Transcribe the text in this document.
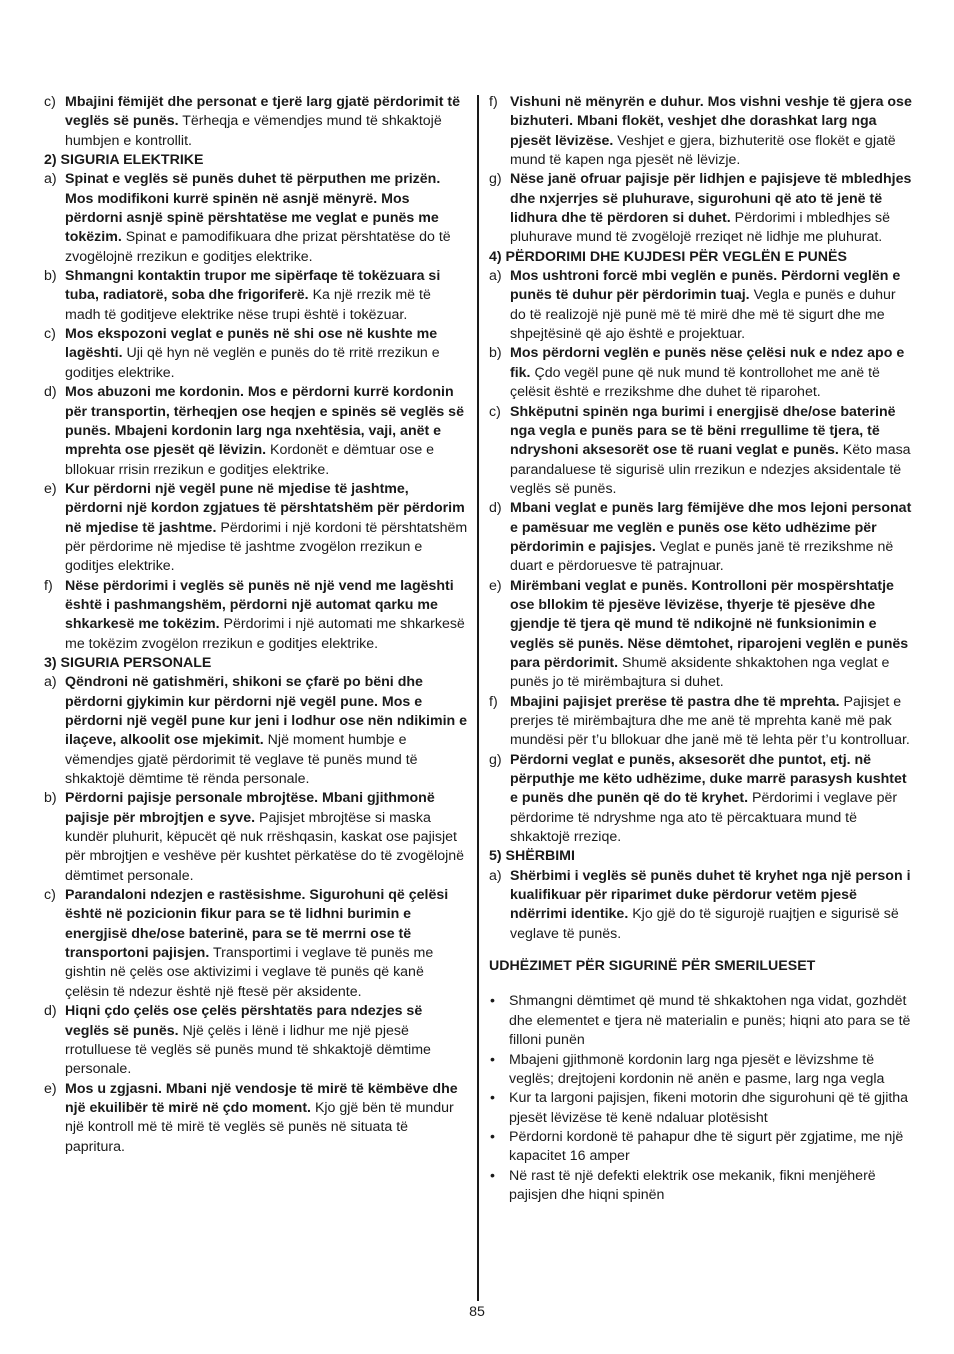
c) Mbajini fëmijët dhe personat e tjerë larg gjatë përdorimit të veglës së punës. Tërheqja e vëmendjes mund të shkaktojë humbjen e kontrollit.
2) SIGURIA ELEKTRIKE
a) Spinat e veglës së punës duhet të përputhen me prizën. Mos modifikoni kurrë spinën në asnjë mënyrë. Mos përdorni asnjë spinë përshtatëse me veglat e punës me tokëzim. Spinat e pamodifikuara dhe prizat përshtatëse do të zvogëlojnë rrezikun e goditjes elektrike.
b) Shmangni kontaktin trupor me sipërfaqe të tokëzuara si tuba, radiatorë, soba dhe frigoriferë. Ka një rrezik më të madh të goditjeve elektrike nëse trupi është i tokëzuar.
c) Mos ekspozoni veglat e punës në shi ose në kushte me lagështi. Uji që hyn në veglën e punës do të rritë rrezikun e goditjes elektrike.
d) Mos abuzoni me kordonin. Mos e përdorni kurrë kordonin për transportin, tërheqjen ose heqjen e spinës së veglës së punës. Mbajeni kordonin larg nga nxehtësia, vaji, anët e mprehta ose pjesët që lëvizin. Kordonët e dëmtuar ose e bllokuar rrisin rrezikun e goditjes elektrike.
e) Kur përdorni një vegël pune në mjedise të jashtme, përdorni një kordon zgjatues të përshtatshëm për përdorim në mjedise të jashtme. Përdorimi i një kordoni të përshtatshëm për përdorime në mjedise të jashtme zvogëlon rrezikun e goditjes elektrike.
f) Nëse përdorimi i veglës së punës në një vend me lagështi është i pashmangshëm, përdorni një automat qarku me shkarkesë me tokëzim. Përdorimi i një automati me shkarkesë me tokëzim zvogëlon rrezikun e goditjes elektrike.
3) SIGURIA PERSONALE
a) Qëndroni në gatishmëri, shikoni se çfarë po bëni dhe përdorni gjykimin kur përdorni një vegël pune. Mos e përdorni një vegël pune kur jeni i lodhur ose nën ndikimin e ilaçeve, alkoolit ose mjekimit. Një moment humbje e vëmendjes gjatë përdorimit të veglave të punës mund të shkaktojë dëmtime të rënda personale.
b) Përdorni pajisje personale mbrojtëse. Mbani gjithmonë pajisje për mbrojtjen e syve. Pajisjet mbrojtëse si maska kundër pluhurit, këpucët që nuk rrëshqasin, kaskat ose pajisjet për mbrojtjen e veshëve për kushtet përkatëse do të zvogëlojnë dëmtimet personale.
c) Parandaloni ndezjen e rastësishme. Sigurohuni që çelësi është në pozicionin fikur para se të lidhni burimin e energjisë dhe/ose baterinë, para se të merrni ose të transportoni pajisjen. Transportimi i veglave të punës me gishtin në çelës ose aktivizimi i veglave të punës që kanë çelësin të ndezur është një ftesë për aksidente.
d) Hiqni çdo çelës ose çelës përshtatës para ndezjes së veglës së punës. Një çelës i lënë i lidhur me një pjesë rrotulluese të veglës së punës mund të shkaktojë dëmtime personale.
e) Mos u zgjasni. Mbani një vendosje të mirë të këmbëve dhe një ekuilibër të mirë në çdo moment. Kjo gjë bën të mundur një kontroll më të mirë të veglës së punës në situata të papritura.
f) Vishuni në mënyrën e duhur. Mos vishni veshje të gjera ose bizhuteri. Mbani flokët, veshjet dhe dorashkat larg nga pjesët lëvizëse. Veshjet e gjera, bizhuteritë ose flokët e gjatë mund të kapen nga pjesët në lëvizje.
g) Nëse janë ofruar pajisje për lidhjen e pajisjeve të mbledhjes dhe nxjerrjes së pluhurave, sigurohuni që ato të jenë të lidhura dhe të përdoren si duhet. Përdorimi i mbledhjes së pluhurave mund të zvogëlojë rreziqet në lidhje me pluhurat.
4) PËRDORIMI DHE KUJDESI PËR VEGLËN E PUNËS
a) Mos ushtroni forcë mbi veglën e punës. Përdorni veglën e punës të duhur për përdorimin tuaj. Vegla e punës e duhur do të realizojë një punë më të mirë dhe më të sigurt dhe me shpejtësinë që ajo është e projektuar.
b) Mos përdorni veglën e punës nëse çelësi nuk e ndez apo e fik. Çdo vegël pune që nuk mund të kontrollohet me anë të çelësit është e rrezikshme dhe duhet të riparohet.
c) Shkëputni spinën nga burimi i energjisë dhe/ose baterinë nga vegla e punës para se të bëni rregullime të tjera, të ndryshoni aksesorët ose të ruani veglat e punës. Këto masa parandaluese të sigurisë ulin rrezikun e ndezjes aksidentale të veglës së punës.
d) Mbani veglat e punës larg fëmijëve dhe mos lejoni personat e pamësuar me veglën e punës ose këto udhëzime për përdorimin e pajisjes. Veglat e punës janë të rrezikshme në duart e përdoruesve të patrajnuar.
e) Mirëmbani veglat e punës. Kontrolloni për mospërshtatje ose bllokim të pjesëve lëvizëse, thyerje të pjesëve dhe gjendje të tjera që mund të ndikojnë në funksionimin e veglës së punës. Nëse dëmtohet, riparojeni veglën e punës para përdorimit. Shumë aksidente shkaktohen nga veglat e punës jo të mirëmbajtura si duhet.
f) Mbajini pajisjet prerëse të pastra dhe të mprehta. Pajisjet e prerjes të mirëmbajtura dhe me anë të mprehta kanë më pak mundësi për t’u bllokuar dhe janë më të lehta për t’u kontrolluar.
g) Përdorni veglat e punës, aksesorët dhe puntot, etj. në përputhje me këto udhëzime, duke marrë parasysh kushtet e punës dhe punën që do të kryhet. Përdorimi i veglave për përdorime të ndryshme nga ato të përcaktuara mund të shkaktojë rreziqe.
5) SHËRBIMI
a) Shërbimi i veglës së punës duhet të kryhet nga një person i kualifikuar për riparimet duke përdorur vetëm pjesë ndërrimi identike. Kjo gjë do të sigurojë ruajtjen e sigurisë së veglave të punës.
UDHËZIMET PËR SIGURINË PËR SMERILUESET
• Shmangni dëmtimet që mund të shkaktohen nga vidat, gozhdët dhe elementet e tjera në materialin e punës; hiqni ato para se të filloni punën
• Mbajeni gjithmonë kordonin larg nga pjesët e lëvizshme të veglës; drejtojeni kordonin në anën e pasme, larg nga vegla
• Kur ta largoni pajisjen, fikeni motorin dhe sigurohuni që të gjitha pjesët lëvizëse të kenë ndaluar plotësisht
• Përdorni kordonë të pahapur dhe të sigurt për zgjatime, me një kapacitet 16 amper
• Në rast të një defekti elektrik ose mekanik, fikni menjëherë pajisjen dhe hiqni spinën
85
